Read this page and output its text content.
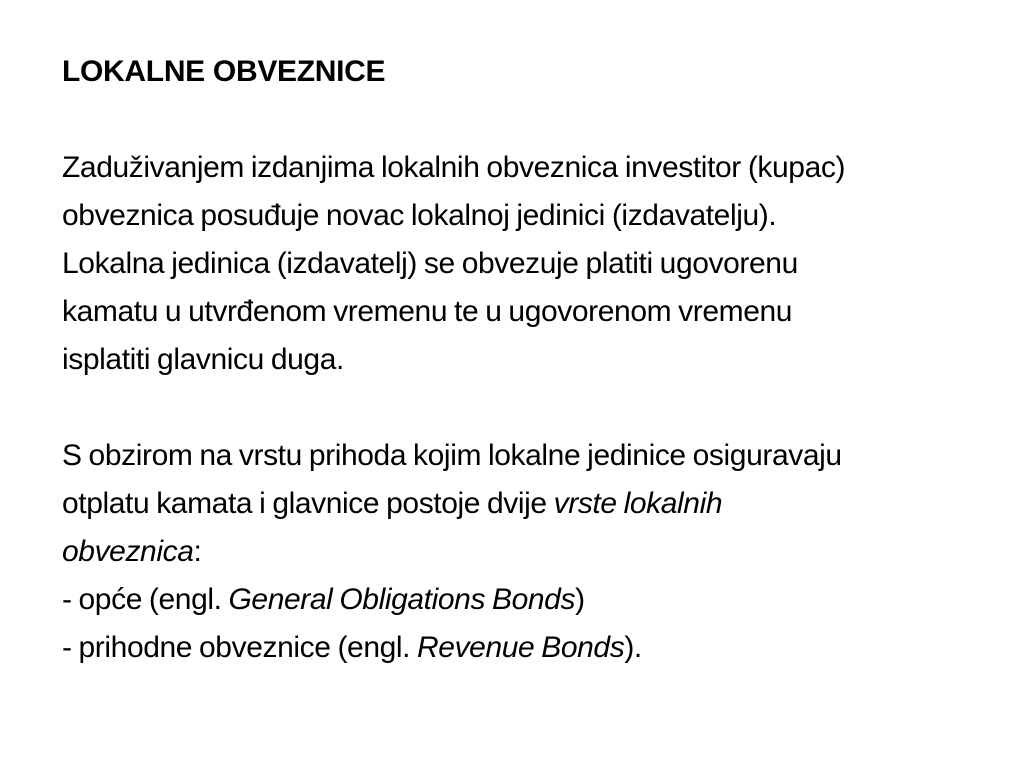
LOKALNE OBVEZNICE

Zaduživanjem izdanjima lokalnih obveznica investitor (kupac)
obveznica posuđuje novac lokalnoj jedinici (izdavatelju).
Lokalna jedinica (izdavatelj) se obvezuje platiti ugovorenu
kamatu u utvrđenom vremenu te u ugovorenom vremenu
isplatiti glavnicu duga.

S obzirom na vrstu prihoda kojim lokalne jedinice osiguravaju
otplatu kamata i glavnice postoje dvije vrste lokalnih
obveznica:
- opće (engl. General Obligations Bonds)
- prihodne obveznice (engl. Revenue Bonds).
